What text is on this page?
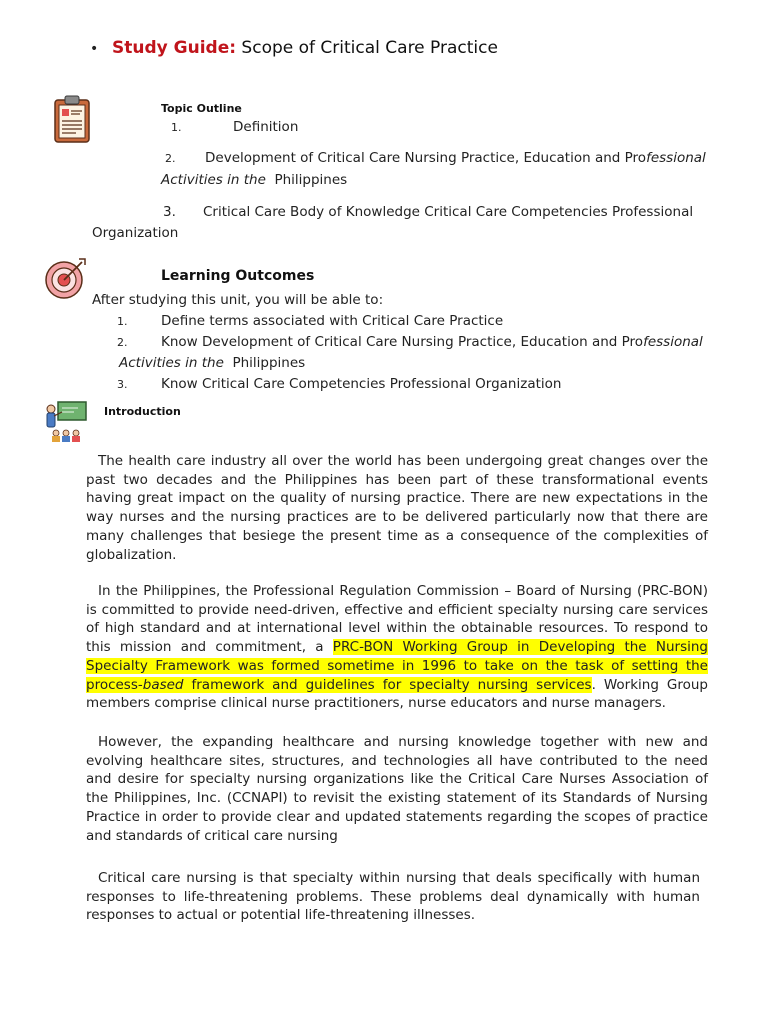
• Study Guide: Scope of Critical Care Practice
Topic Outline
1.	Definition
2. Development of Critical Care Nursing Practice, Education and Professional
Activities in the  Philippines
3. Critical Care Body of Knowledge Critical Care Competencies Professional
Organization
Learning Outcomes
After studying this unit, you will be able to:
1. Define terms associated with Critical Care Practice
2. Know Development of Critical Care Nursing Practice, Education and Professional
Activities in the  Philippines
3. Know Critical Care Competencies Professional Organization
Introduction
The health care industry all over the world has been undergoing great changes over the past two decades and the Philippines has been part of these transformational events having great impact on the quality of nursing practice. There are new expectations in the way nurses and the nursing practices are to be delivered particularly now that there are many challenges that besiege the present time as a consequence of the complexities of globalization.
In the Philippines, the Professional Regulation Commission – Board of Nursing (PRC-BON) is committed to provide need-driven, effective and efficient specialty nursing care services of high standard and at international level within the obtainable resources. To respond to this mission and commitment, a PRC-BON Working Group in Developing the Nursing Specialty Framework was formed sometime in 1996 to take on the task of setting the process-based framework and guidelines for specialty nursing services. Working Group members comprise clinical nurse practitioners, nurse educators and nurse managers.
However, the expanding healthcare and nursing knowledge together with new and evolving healthcare sites, structures, and technologies all have contributed to the need and desire for specialty nursing organizations like the Critical Care Nurses Association of the Philippines, Inc. (CCNAPI) to revisit the existing statement of its Standards of Nursing Practice in order to provide clear and updated statements regarding the scopes of practice and standards of critical care nursing
Critical care nursing is that specialty within nursing that deals specifically with human responses to life-threatening problems. These problems deal dynamically with human responses to actual or potential life-threatening illnesses.
